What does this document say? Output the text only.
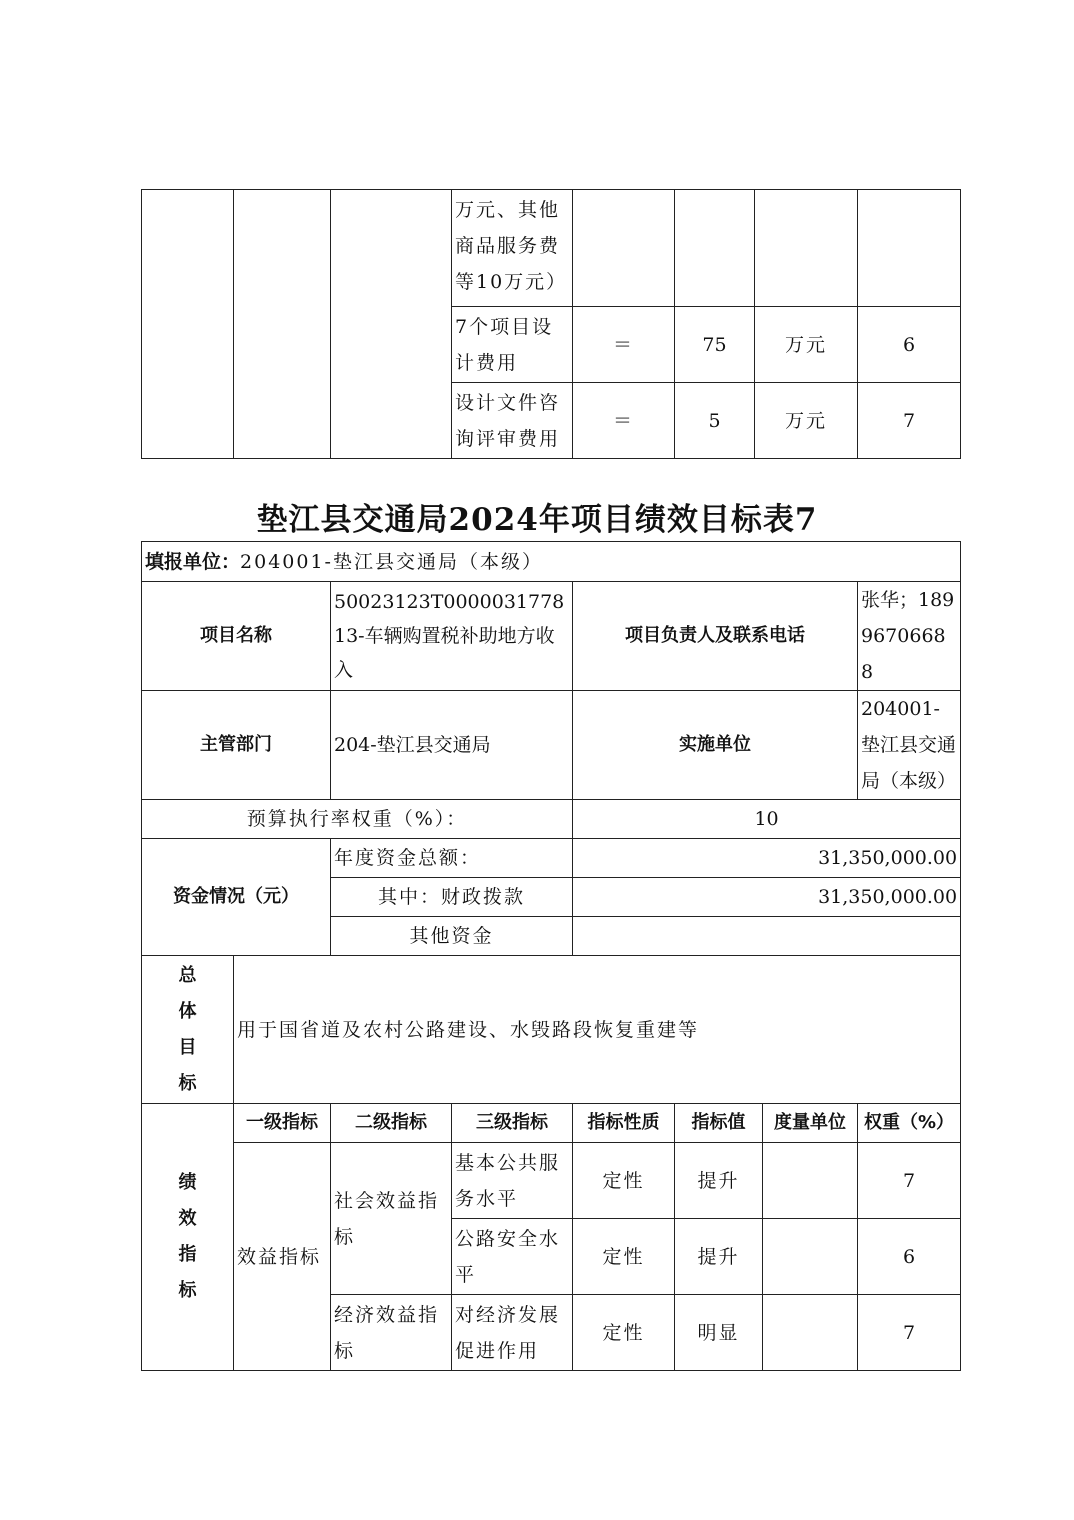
			万元、其他商品服务费等10万元）				
			7个项目设计费用	＝	75	万元	6
			设计文件咨询评审费用	＝	5	万元	7
垫江县交通局2024年项目绩效目标表7
填报单位：204001-垫江县交通局（本级）							
项目名称		50023123T000003177813-车辆购置税补助地方收入		项目负责人及联系电话			张华；18996706688
主管部门		204-垫江县交通局		实施单位			204001-垫江县交通局（本级）
预算执行率权重（%）：				10			
资金情况（元）		年度资金总额：		31,350,000.00			
		其中：财政拨款		31,350,000.00			
		其他资金					
总体目标	用于国省道及农村公路建设、水毁路段恢复重建等						
绩效指标	一级指标	二级指标	三级指标	指标性质	指标值	度量单位	权重（%）
	效益指标	社会效益指标	基本公共服务水平	定性	提升		7
			公路安全水平	定性	提升		6
		经济效益指标	对经济发展促进作用	定性	明显		7
